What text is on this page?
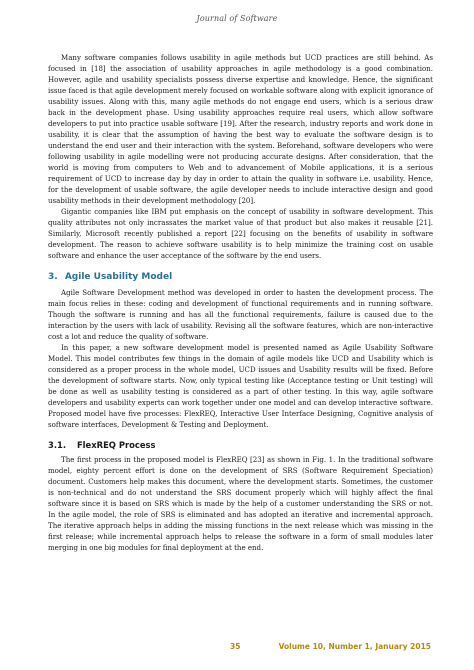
Journal of Software

Many software companies follows usability in agile methods but UCD practices are still behind. As focused in [18] the association of usability approaches in agile methodology is a good combination. However, agile and usability specialists possess diverse expertise and knowledge. Hence, the significant issue faced is that agile development merely focused on workable software along with explicit ignorance of usability issues. Along with this, many agile methods do not engage end users, which is a serious draw back in the development phase. Using usability approaches require real users, which allow software developers to put into practice usable software [19]. After the research, industry reports and work done in usability, it is clear that the assumption of having the best way to evaluate the software design is to understand the end user and their interaction with the system. Beforehand, software developers who were following usability in agile modelling were not producing accurate designs. After consideration, that the world is moving from computers to Web and to advancement of Mobile applications, it is a serious requirement of UCD to increase day by day in order to attain the quality in software i.e. usability. Hence, for the development of usable software, the agile developer needs to include interactive design and good usability methods in their development methodology [20].

Gigantic companies like IBM put emphasis on the concept of usability in software development. This quality attributes not only incrassates the market value of that product but also makes it reusable [21]. Similarly, Microsoft recently published a report [22] focusing on the benefits of usability in software development. The reason to achieve software usability is to help minimize the training cost on usable software and enhance the user acceptance of the software by the end users.

3. Agile Usability Model

Agile Software Development method was developed in order to hasten the development process. The main focus relies in these: coding and development of functional requirements and in running software. Though the software is running and has all the functional requirements, failure is caused due to the interaction by the users with lack of usability. Revising all the software features, which are non-interactive cost a lot and reduce the quality of software.

In this paper, a new software development model is presented named as Agile Usability Software Model. This model contributes few things in the domain of agile models like UCD and Usability which is considered as a proper process in the whole model, UCD issues and Usability results will be fixed. Before the development of software starts. Now, only typical testing like (Acceptance testing or Unit testing) will be done as well as usability testing is considered as a part of other testing. In this way, agile software developers and usability experts can work together under one model and can develop interactive software. Proposed model have five processes: FlexREQ, Interactive User Interface Designing, Cognitive analysis of software interfaces, Development & Testing and Deployment.

3.1. FlexREQ Process

The first process in the proposed model is FlexREQ [23] as shown in Fig. 1. In the traditional software model, eighty percent effort is done on the development of SRS (Software Requirement Speciation) document. Customers help makes this document, where the development starts. Sometimes, the customer is non-technical and do not understand the SRS document properly which will highly affect the final software since it is based on SRS which is made by the help of a customer understanding the SRS or not. In the agile model, the role of SRS is eliminated and has adopted an iterative and incremental approach. The iterative approach helps in adding the missing functions in the next release which was missing in the first release; while incremental approach helps to release the software in a form of small modules later merging in one big modules for final deployment at the end.

35	Volume 10, Number 1, January 2015
